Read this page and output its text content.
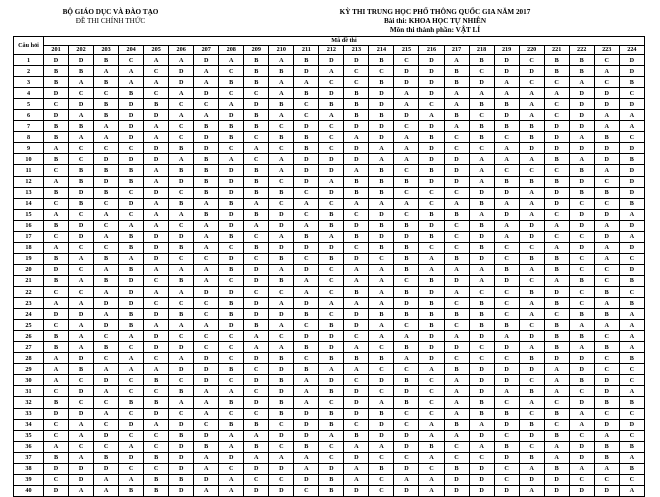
BỘ GIÁO DỤC VÀ ĐÀO TẠO
ĐỀ THI CHÍNH THỨC
KỲ THI TRUNG HỌC PHỔ THÔNG QUỐC GIA NĂM 2017
Bài thi: KHOA HỌC TỰ NHIÊN
Môn thi thành phần: VẬT LÍ
Câu hỏi	Mã đề thi																							
	201	202	203	204	205	206	207	208	209	210	211	212	213	214	215	216	217	218	219	220	221	222	223	224
1	D	D	B	C	A	A	D	A	B	A	B	D	D	B	C	D	A	B	D	C	B	B	C	D
2	B	B	A	A	C	D	A	C	B	B	D	A	C	C	D	D	B	C	D	D	B	B	A	D
3	B	A	B	A	A	D	A	B	B	A	A	C	C	B	D	D	B	D	A	C	C	A	C	B
4	D	C	C	B	C	A	D	C	C	A	B	D	B	D	A	D	A	A	A	A	A	D	D	C
5	C	D	B	D	B	C	C	A	D	B	C	B	B	D	A	C	A	B	B	A	C	D	D	D
6	D	A	B	D	D	A	A	D	B	A	C	A	B	B	D	A	B	C	D	A	C	D	A	A
7	B	B	A	D	A	C	B	B	B	C	D	C	D	D	C	D	A	B	B	B	D	D	A	A
8	B	A	A	D	A	C	D	B	C	B	B	C	A	D	A	B	C	B	C	B	D	A	B	C
9	A	C	C	C	D	B	D	C	A	C	B	C	D	A	A	D	C	C	A	D	D	D	D	D
10	B	C	D	D	D	A	B	A	C	A	D	D	D	A	A	D	D	A	A	A	B	A	D	B
11	C	B	B	B	A	B	B	D	B	A	D	D	A	B	C	B	D	A	C	C	C	B	A	D
12	A	B	D	B	A	D	B	D	B	C	D	A	B	B	B	D	D	A	B	B	B	D	C	D
13	B	D	B	C	D	C	B	D	B	B	C	D	B	B	C	C	C	D	D	A	D	B	B	D
14	C	B	C	D	A	B	A	B	A	C	A	C	A	A	A	C	A	B	A	A	D	C	C	B
15	A	C	A	C	A	A	B	D	B	D	C	B	C	D	C	B	B	A	D	A	C	D	D	A
16	B	D	C	A	A	C	A	D	A	D	A	B	D	B	B	D	C	B	A	D	A	D	A	D
17	C	D	A	B	D	D	A	B	C	A	B	A	B	D	D	B	C	D	A	D	C	C	D	A
18	A	C	C	B	D	B	A	C	B	D	D	D	C	B	B	C	C	B	C	C	A	D	A	D
19	B	A	B	A	D	C	C	D	C	B	C	B	D	C	B	A	B	D	C	B	B	C	A	C
20	D	C	A	B	A	A	A	B	D	A	D	C	A	A	B	A	A	A	B	A	B	C	C	D
21	B	A	B	D	C	B	A	C	D	B	A	C	A	A	C	B	D	A	D	C	A	B	C	B
22	C	C	A	D	A	A	D	D	C	C	A	C	B	A	B	D	A	C	C	B	D	C	B	C
23	A	A	D	D	C	C	C	B	D	A	D	A	A	A	D	B	C	B	C	A	B	C	A	B
24	D	D	A	B	D	B	C	B	D	D	B	C	D	B	B	B	B	B	C	A	C	B	B	A
25	C	A	D	B	A	A	A	D	B	A	C	B	D	A	C	B	C	B	B	C	B	A	A	A
26	B	A	C	A	D	C	C	C	A	C	D	D	C	A	A	D	A	D	A	D	B	B	C	A
27	B	A	B	C	D	D	C	C	A	A	B	D	A	C	B	D	D	C	D	A	B	A	B	A
28	A	D	C	A	C	A	D	C	D	B	C	B	B	B	A	D	C	C	C	B	D	D	C	B
29	A	B	A	A	A	D	D	B	C	D	B	A	A	C	C	A	B	D	D	D	A	D	C	C
30	A	C	D	C	B	C	D	C	D	B	A	D	C	D	B	C	A	D	D	C	A	B	D	C
31	C	D	A	C	C	B	A	A	C	D	A	B	D	C	D	C	A	D	A	B	A	C	D	A
32	B	C	C	B	B	A	A	B	D	B	A	C	D	A	B	C	A	B	C	A	C	D	B	B
33	D	D	A	C	D	C	A	C	C	B	D	B	D	B	C	C	A	B	B	C	B	A	C	C
34	C	A	C	D	A	D	C	B	B	C	D	B	C	D	C	A	B	A	D	B	C	A	D	D
35	C	A	D	C	C	B	D	A	A	D	D	A	B	D	D	A	A	D	C	D	B	C	A	C
36	A	C	C	A	C	D	B	A	B	C	B	C	A	A	D	B	C	A	B	C	A	D	B	B
37	B	A	B	D	B	D	A	D	A	A	A	C	D	C	C	A	C	C	D	B	A	D	B	A
38	D	D	D	C	C	D	A	C	D	D	A	D	A	B	D	C	B	D	C	A	B	A	A	B
39	C	D	A	A	B	B	D	A	C	C	D	B	A	C	A	A	D	D	C	D	D	C	C	C
40	D	A	A	B	B	D	A	A	D	D	C	B	D	C	D	A	D	D	D	A	D	D	D	A
